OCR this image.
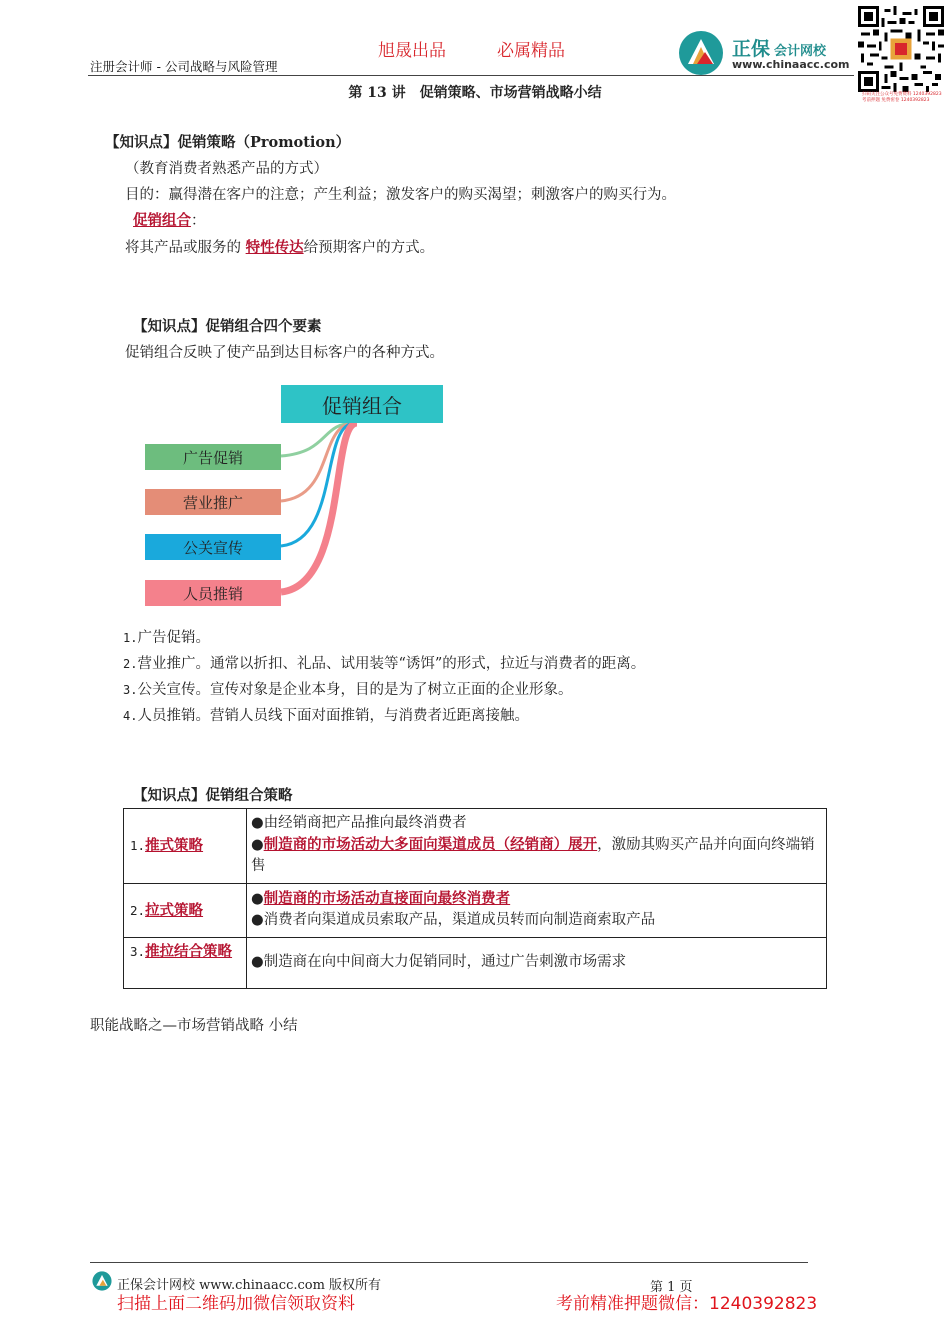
注册会计师 - 公司战略与风险管理
旭晟出品	必属精品	正保 会计网校
www.chinaacc.com
扫码关注公众号免费资料 1240392823 考前押题 免费密卷 1240392823
第 13 讲　促销策略、市场营销战略小结
【知识点】促销策略（Promotion）
（教育消费者熟悉产品的方式）
目的：赢得潜在客户的注意；产生利益；激发客户的购买渴望；刺激客户的购买行为。
促销组合：
将其产品或服务的 特性传达给预期客户的方式。
【知识点】促销组合四个要素
促销组合反映了使产品到达目标客户的各种方式。
促销组合
广告促销
营业推广
公关宣传
人员推销
1.广告促销。
2.营业推广。通常以折扣、礼品、试用装等“诱饵”的形式，拉近与消费者的距离。
3.公关宣传。宣传对象是企业本身，目的是为了树立正面的企业形象。
4.人员推销。营销人员线下面对面推销，与消费者近距离接触。
【知识点】促销组合策略
1.推式策略	●由经销商把产品推向最终消费者
●制造商的市场活动大多面向渠道成员（经销商）展开，激励其购买产品并向面向终端销售

2.拉式策略	●制造商的市场活动直接面向最终消费者
●消费者向渠道成员索取产品，渠道成员转而向制造商索取产品

3.推拉结合策略	●制造商在向中间商大力促销同时，通过广告刺激市场需求
职能战略之—市场营销战略 小结
正保会计网校 www.chinaacc.com 版权所有	第 1 页
扫描上面二维码加微信领取资料	考前精准押题微信：1240392823
